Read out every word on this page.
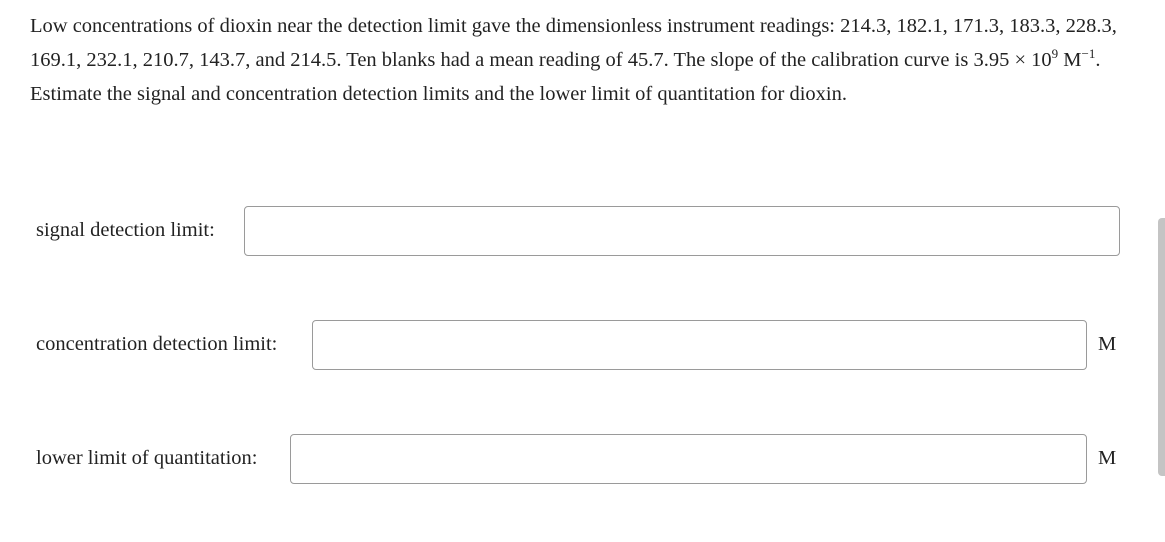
Low concentrations of dioxin near the detection limit gave the dimensionless instrument readings: 214.3, 182.1, 171.3, 183.3, 228.3, 169.1, 232.1, 210.7, 143.7, and 214.5. Ten blanks had a mean reading of 45.7. The slope of the calibration curve is $3.95 \times 10^9$ $M^{-1}$. Estimate the signal and concentration detection limits and the lower limit of quantitation for dioxin.
signal detection limit:
concentration detection limit:	M
lower limit of quantitation:	M
